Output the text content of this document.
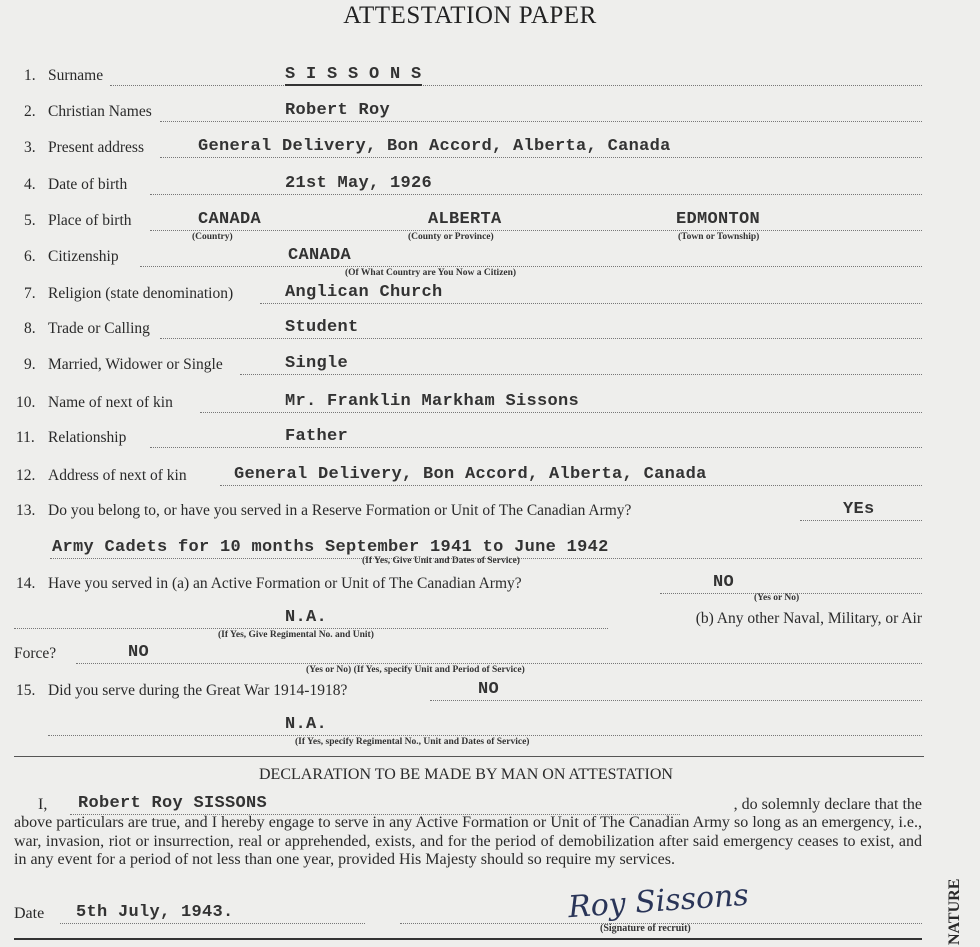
ATTESTATION PAPER
1. Surname	S I S S O N S
2. Christian Names	Robert Roy
3. Present address	General Delivery, Bon Accord, Alberta, Canada
4. Date of birth	21st May, 1926
5. Place of birth	CANADA
(Country)
ALBERTA
(County or Province)
EDMONTON
(Town or Township)
6. Citizenship	CANADA
(Of What Country are You Now a Citizen)
7. Religion (state denomination)	Anglican Church
8. Trade or Calling	Student
9. Married, Widower or Single	Single
10. Name of next of kin	Mr. Franklin Markham Sissons
11. Relationship	Father
12. Address of next of kin	General Delivery, Bon Accord, Alberta, Canada
13. Do you belong to, or have you served in a Reserve Formation or Unit of The Canadian Army?	YEs
Army Cadets for 10 months September 1941 to June 1942
(If Yes, Give Unit and Dates of Service)
14. Have you served in (a) an Active Formation or Unit of The Canadian Army?	NO
(Yes or No)
N.A.
(If Yes, Give Regimental No. and Unit)
(b) Any other Naval, Military, or Air
Force?	NO
(Yes or No) (If Yes, specify Unit and Period of Service)
15. Did you serve during the Great War 1914-1918?	NO
N.A.
(If Yes, specify Regimental No., Unit and Dates of Service)
DECLARATION TO BE MADE BY MAN ON ATTESTATION
I, Robert Roy SISSONS	, do solemnly declare that the
above particulars are true, and I hereby engage to serve in any Active Formation or Unit of The Canadian Army so long as an emergency, i.e., war, invasion, riot or insurrection, real or apprehended, exists, and for the period of demobilization after said emergency ceases to exist, and in any event for a period of not less than one year, provided His Majesty should so require my services.
Date 5th July, 1943.
(Signature of recruit)
Roy Sissons	NATURE
